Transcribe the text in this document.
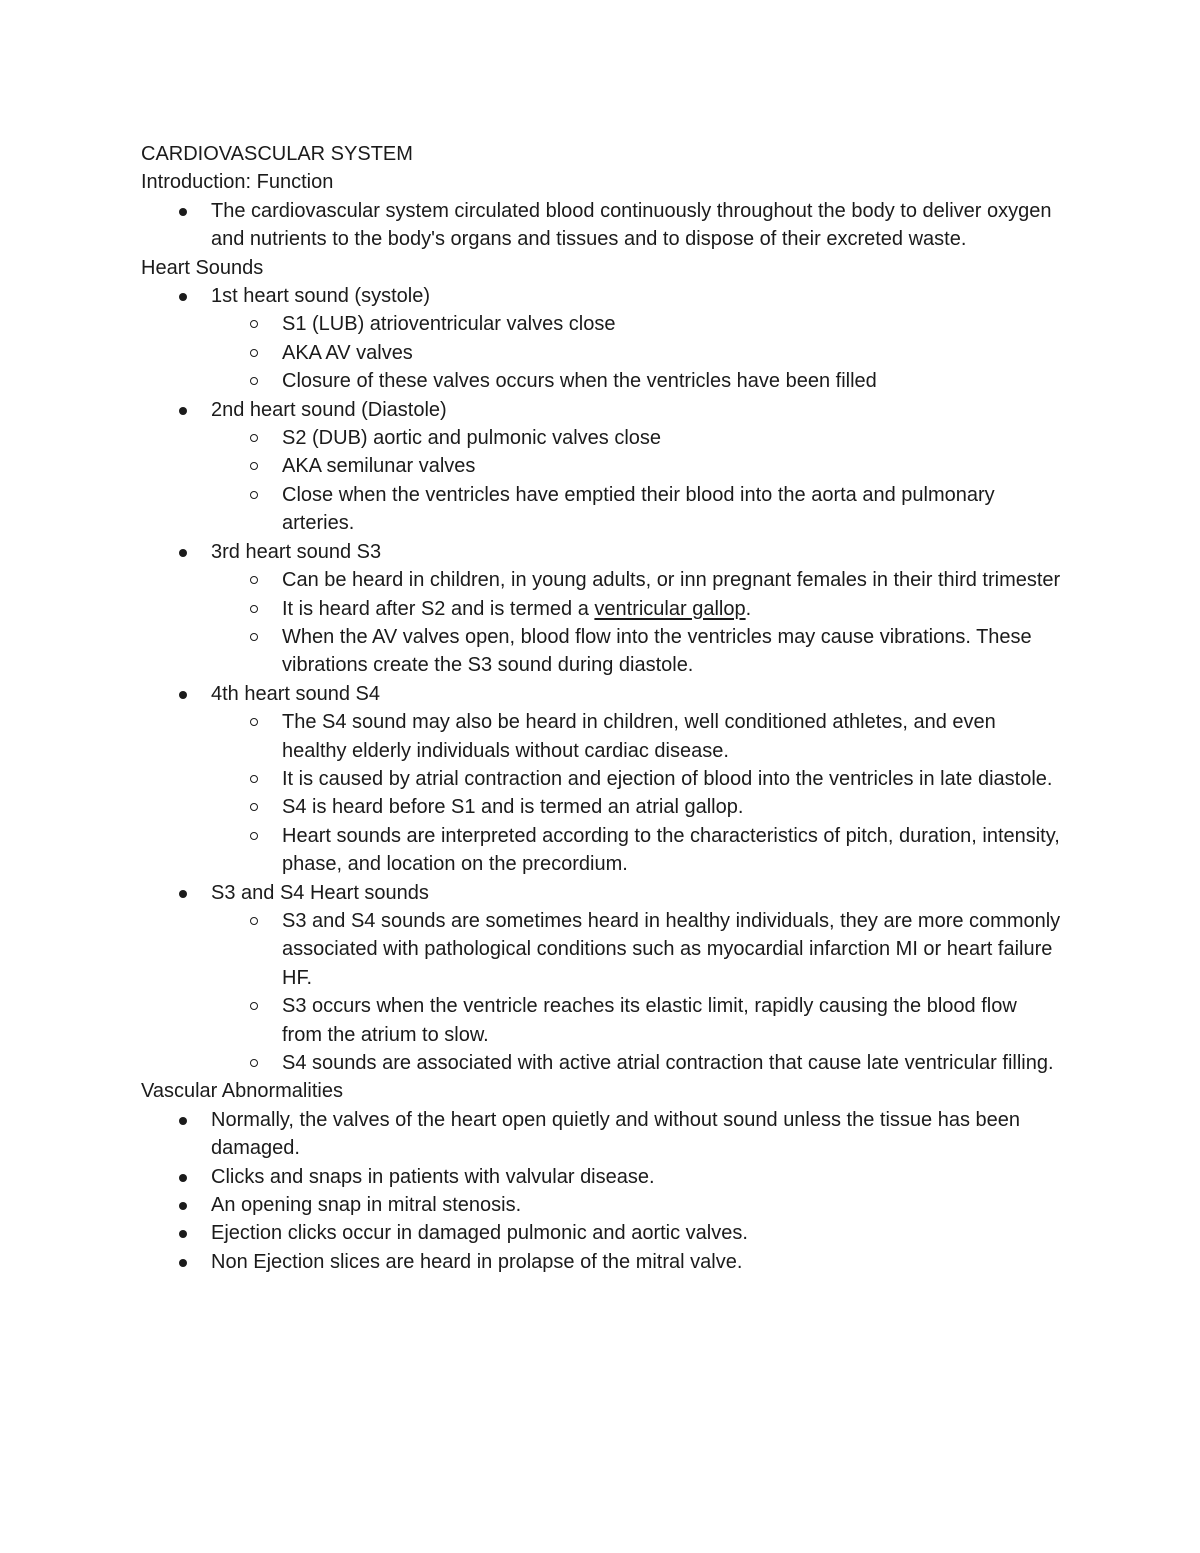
CARDIOVASCULAR SYSTEM

Introduction: Function

The cardiovascular system circulated blood continuously throughout the body to deliver oxygen and nutrients to the body's organs and tissues and to dispose of their excreted waste.

Heart Sounds

1st heart sound (systole)
S1 (LUB) atrioventricular valves close
AKA AV valves
Closure of these valves occurs when the ventricles have been filled
2nd heart sound (Diastole)
S2 (DUB) aortic and pulmonic valves close
AKA semilunar valves
Close when the ventricles have emptied their blood into the aorta and pulmonary arteries.
3rd heart sound S3
Can be heard in children, in young adults, or inn pregnant females in their third trimester
It is heard after S2 and is termed a ventricular gallop.
When the AV valves open, blood flow into the ventricles may cause vibrations. These vibrations create the S3 sound during diastole.
4th heart sound S4
The S4 sound may also be heard in children, well conditioned athletes, and even healthy elderly individuals without cardiac disease.
It is caused by atrial contraction and ejection of blood into the ventricles in late diastole.
S4 is heard before S1 and is termed an atrial gallop.
Heart sounds are interpreted according to the characteristics of pitch, duration, intensity, phase, and location on the precordium.
S3 and S4 Heart sounds
S3 and S4 sounds are sometimes heard in healthy individuals, they are more commonly associated with pathological conditions such as myocardial infarction MI or heart failure HF.
S3 occurs when the ventricle reaches its elastic limit, rapidly causing the blood flow from the atrium to slow.
S4 sounds are associated with active atrial contraction that cause late ventricular filling.

Vascular Abnormalities

Normally, the valves of the heart open quietly and without sound unless the tissue has been damaged.
Clicks and snaps in patients with valvular disease.
An opening snap in mitral stenosis.
Ejection clicks occur in damaged pulmonic and aortic valves.
Non Ejection slices are heard in prolapse of the mitral valve.
